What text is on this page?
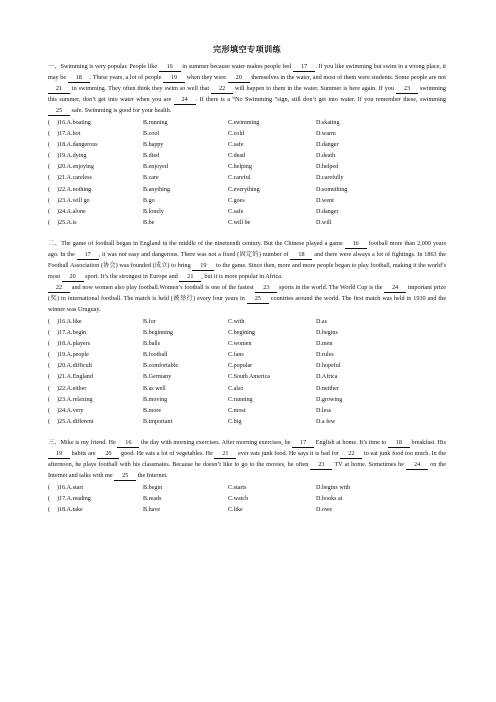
完形填空专项训练
一、Swimming is very popular. People like 16 in summer because water makes people feel 17 . If you like swimming but swim in a wrong place, it may be 18 . These years, a lot of people 19 when they were 20 themselves in the water, and most of them were students. Some people are not 21 in swimming. They often think they swim so well that 22 will happen to them in the water. Summer is here again. If you 23 swimming this summer, don’t get into water when you are 24 . If there is a “No Swimming ”sign, still don’t get into water. If you remember these, swimming 25 safe. Swimming is good for your health.
(	)16.A.boating	B.running	C.swimming	D.skating
(	)17.A.hot	B.cool	C.cold	D.warm
(	)18.A.dangerous	B.happy	C.safe	D.danger
(	)19.A.dying	B.died	C.dead	D.death
(	)20.A.enjoying	B.enjoyed	C.helping	D.helped
(	)21.A.careless	B.care	C.careful	D.carefully
(	)22.A.nothing	B.anything	C.everything	D.something
(	)23.A.will go	B.go	C.goes	D.went
(	)24.A.alone	B.lonely	C.safe	D.danger
(	)25.A.is	B.be	C.will be	D.will
二、The game of football began in England in the middle of the nineteenth century. But the Chinese played a game 16 football more than 2,000 years ago. In the 17 , it was not easy and dangerous. There was not a fixed (固定的) number of 18 and there were always a lot of fightings. In 1863 the Football Association (协会) was founded (成立) to bring 19 to the game. Since then, more and more people began to play football, making it the world’s most 20 sport. It’s the strongest in Europe and 21 , but it is more popular in Africa.
22 and now women also play football.Women’s football is one of the fastest 23 sports in the world. The World Cup is the 24 important prize (奖) in international football. The match is held (被举行) every four years in 25 countries around the world. The first match was held in 1930 and the winner was Uruguay.
(	)16.A.like	B.for	C.with	D.as
(	)17.A.begin	B.beginning	C.begining	D.begins
(	)18.A.players	B.balls	C.women	D.men
(	)19.A.people	B.football	C.fans	D.rules
(	)20.A.difficult	B.comfortable	C.popular	D.hopeful
(	)21.A.England	B.Germany	C.South America	D.Africa
(	)22.A.either	B.as well	C.also	D.neither
(	)23.A.relaxing	B.moving	C.running	D.growing
(	)24.A.very	B.more	C.most	D.less
(	)25.A.different	B.important	C.big	D.a few
三、Mike is my friend. He 16 the day with morning exercises. After morning exercises, he 17 English at home. It’s time to 18 breakfast. His 19 habits are 20 good. He eats a lot of vegetables. He 21 ever eats junk food. He says it is bad for 22 to eat junk food too much. In the afternoon, he plays football with his classmates. Because he doesn’t like to go to the movies, he often 23 TV at home. Sometimes he 24 on the Internet and talks with me 25 the Internet.
(	)16.A.start	B.begin	C.starts	D.begins with
(	)17.A.reading	B.reads	C.watch	D.books at
(	)18.A.take	B.have	C.like	D.owe
